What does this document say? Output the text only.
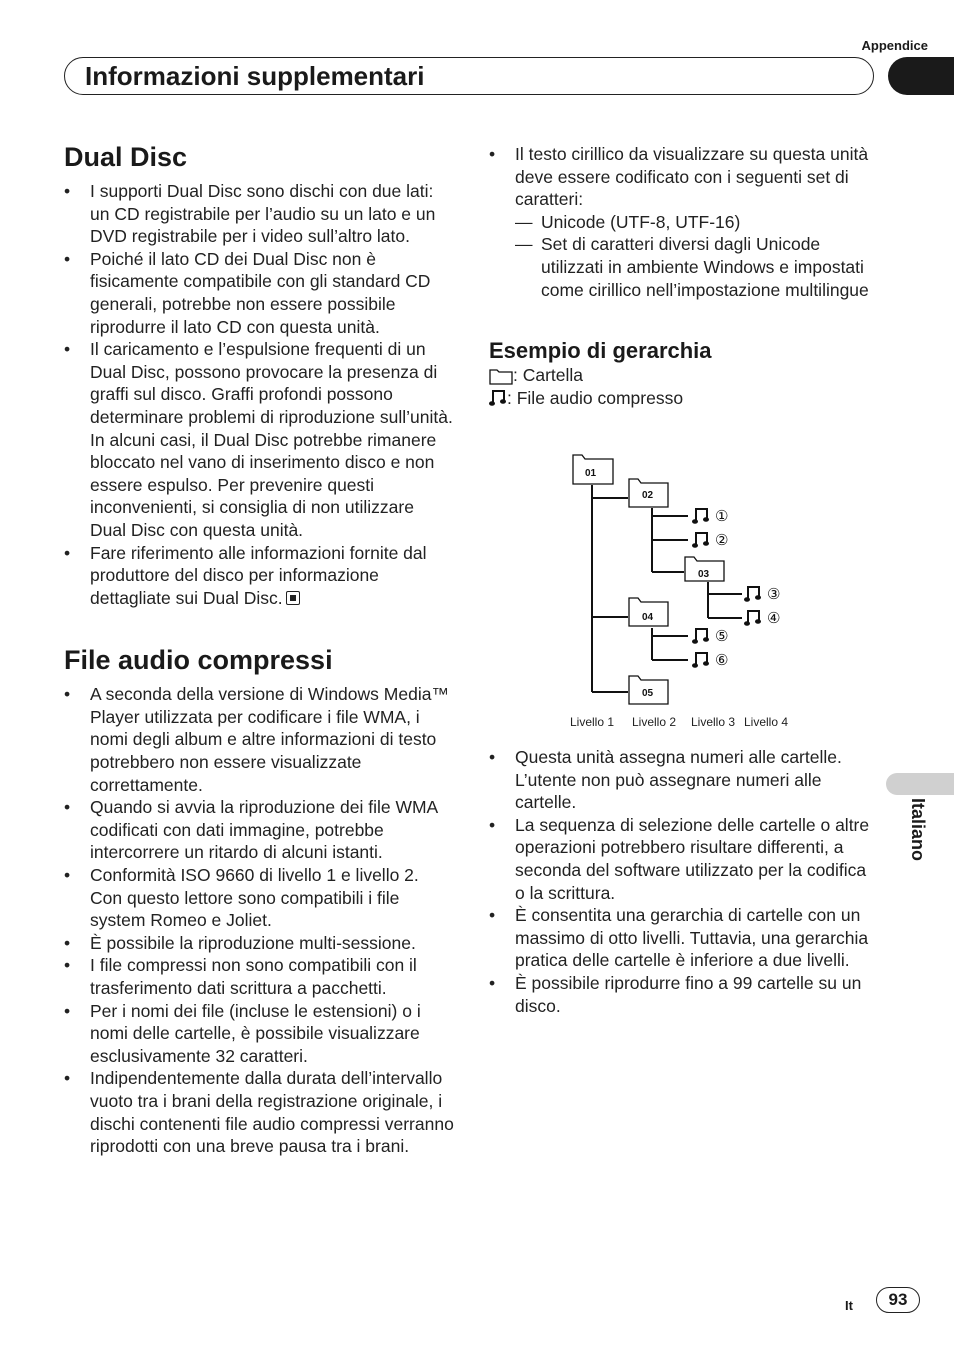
Appendice
Informazioni supplementari
Italiano
Dual Disc
• I supporti Dual Disc sono dischi con due lati: un CD registrabile per l’audio su un lato e un DVD registrabile per i video sull’altro lato.
• Poiché il lato CD dei Dual Disc non è fisicamente compatibile con gli standard CD generali, potrebbe non essere possibile riprodurre il lato CD con questa unità.
• Il caricamento e l’espulsione frequenti di un Dual Disc, possono provocare la presenza di graffi sul disco. Graffi profondi possono determinare problemi di riproduzione sull’unità. In alcuni casi, il Dual Disc potrebbe rimanere bloccato nel vano di inserimento disco e non essere espulso. Per prevenire questi inconvenienti, si consiglia di non utilizzare Dual Disc con questa unità.
• Fare riferimento alle informazioni fornite dal produttore del disco per informazione dettagliate sui Dual Disc.
File audio compressi
• A seconda della versione di Windows Media™ Player utilizzata per codificare i file WMA, i nomi degli album e altre informazioni di testo potrebbero non essere visualizzate correttamente.
• Quando si avvia la riproduzione dei file WMA codificati con dati immagine, potrebbe intercorrere un ritardo di alcuni istanti.
• Conformità ISO 9660 di livello 1 e livello 2. Con questo lettore sono compatibili i file system Romeo e Joliet.
• È possibile la riproduzione multi-sessione.
• I file compressi non sono compatibili con il trasferimento dati scrittura a pacchetti.
• Per i nomi dei file (incluse le estensioni) o i nomi delle cartelle, è possibile visualizzare esclusivamente 32 caratteri.
• Indipendentemente dalla durata dell’intervallo vuoto tra i brani della registrazione originale, i dischi contenenti file audio compressi verranno riprodotti con una breve pausa tra i brani.
• Il testo cirillico da visualizzare su questa unità deve essere codificato con i seguenti set di caratteri:
— Unicode (UTF-8, UTF-16)
— Set di caratteri diversi dagli Unicode utilizzati in ambiente Windows e impostati come cirillico nell’impostazione multilingue
Esempio di gerarchia
: Cartella
: File audio compresso
01
02
03
04
05
①
②
③
④
⑤
⑥
Livello 1 Livello 2 Livello 3 Livello 4
• Questa unità assegna numeri alle cartelle. L’utente non può assegnare numeri alle cartelle.
• La sequenza di selezione delle cartelle o altre operazioni potrebbero risultare differenti, a seconda del software utilizzato per la codifica o la scrittura.
• È consentita una gerarchia di cartelle con un massimo di otto livelli. Tuttavia, una gerarchia pratica delle cartelle è inferiore a due livelli.
• È possibile riprodurre fino a 99 cartelle su un disco.
It	93
